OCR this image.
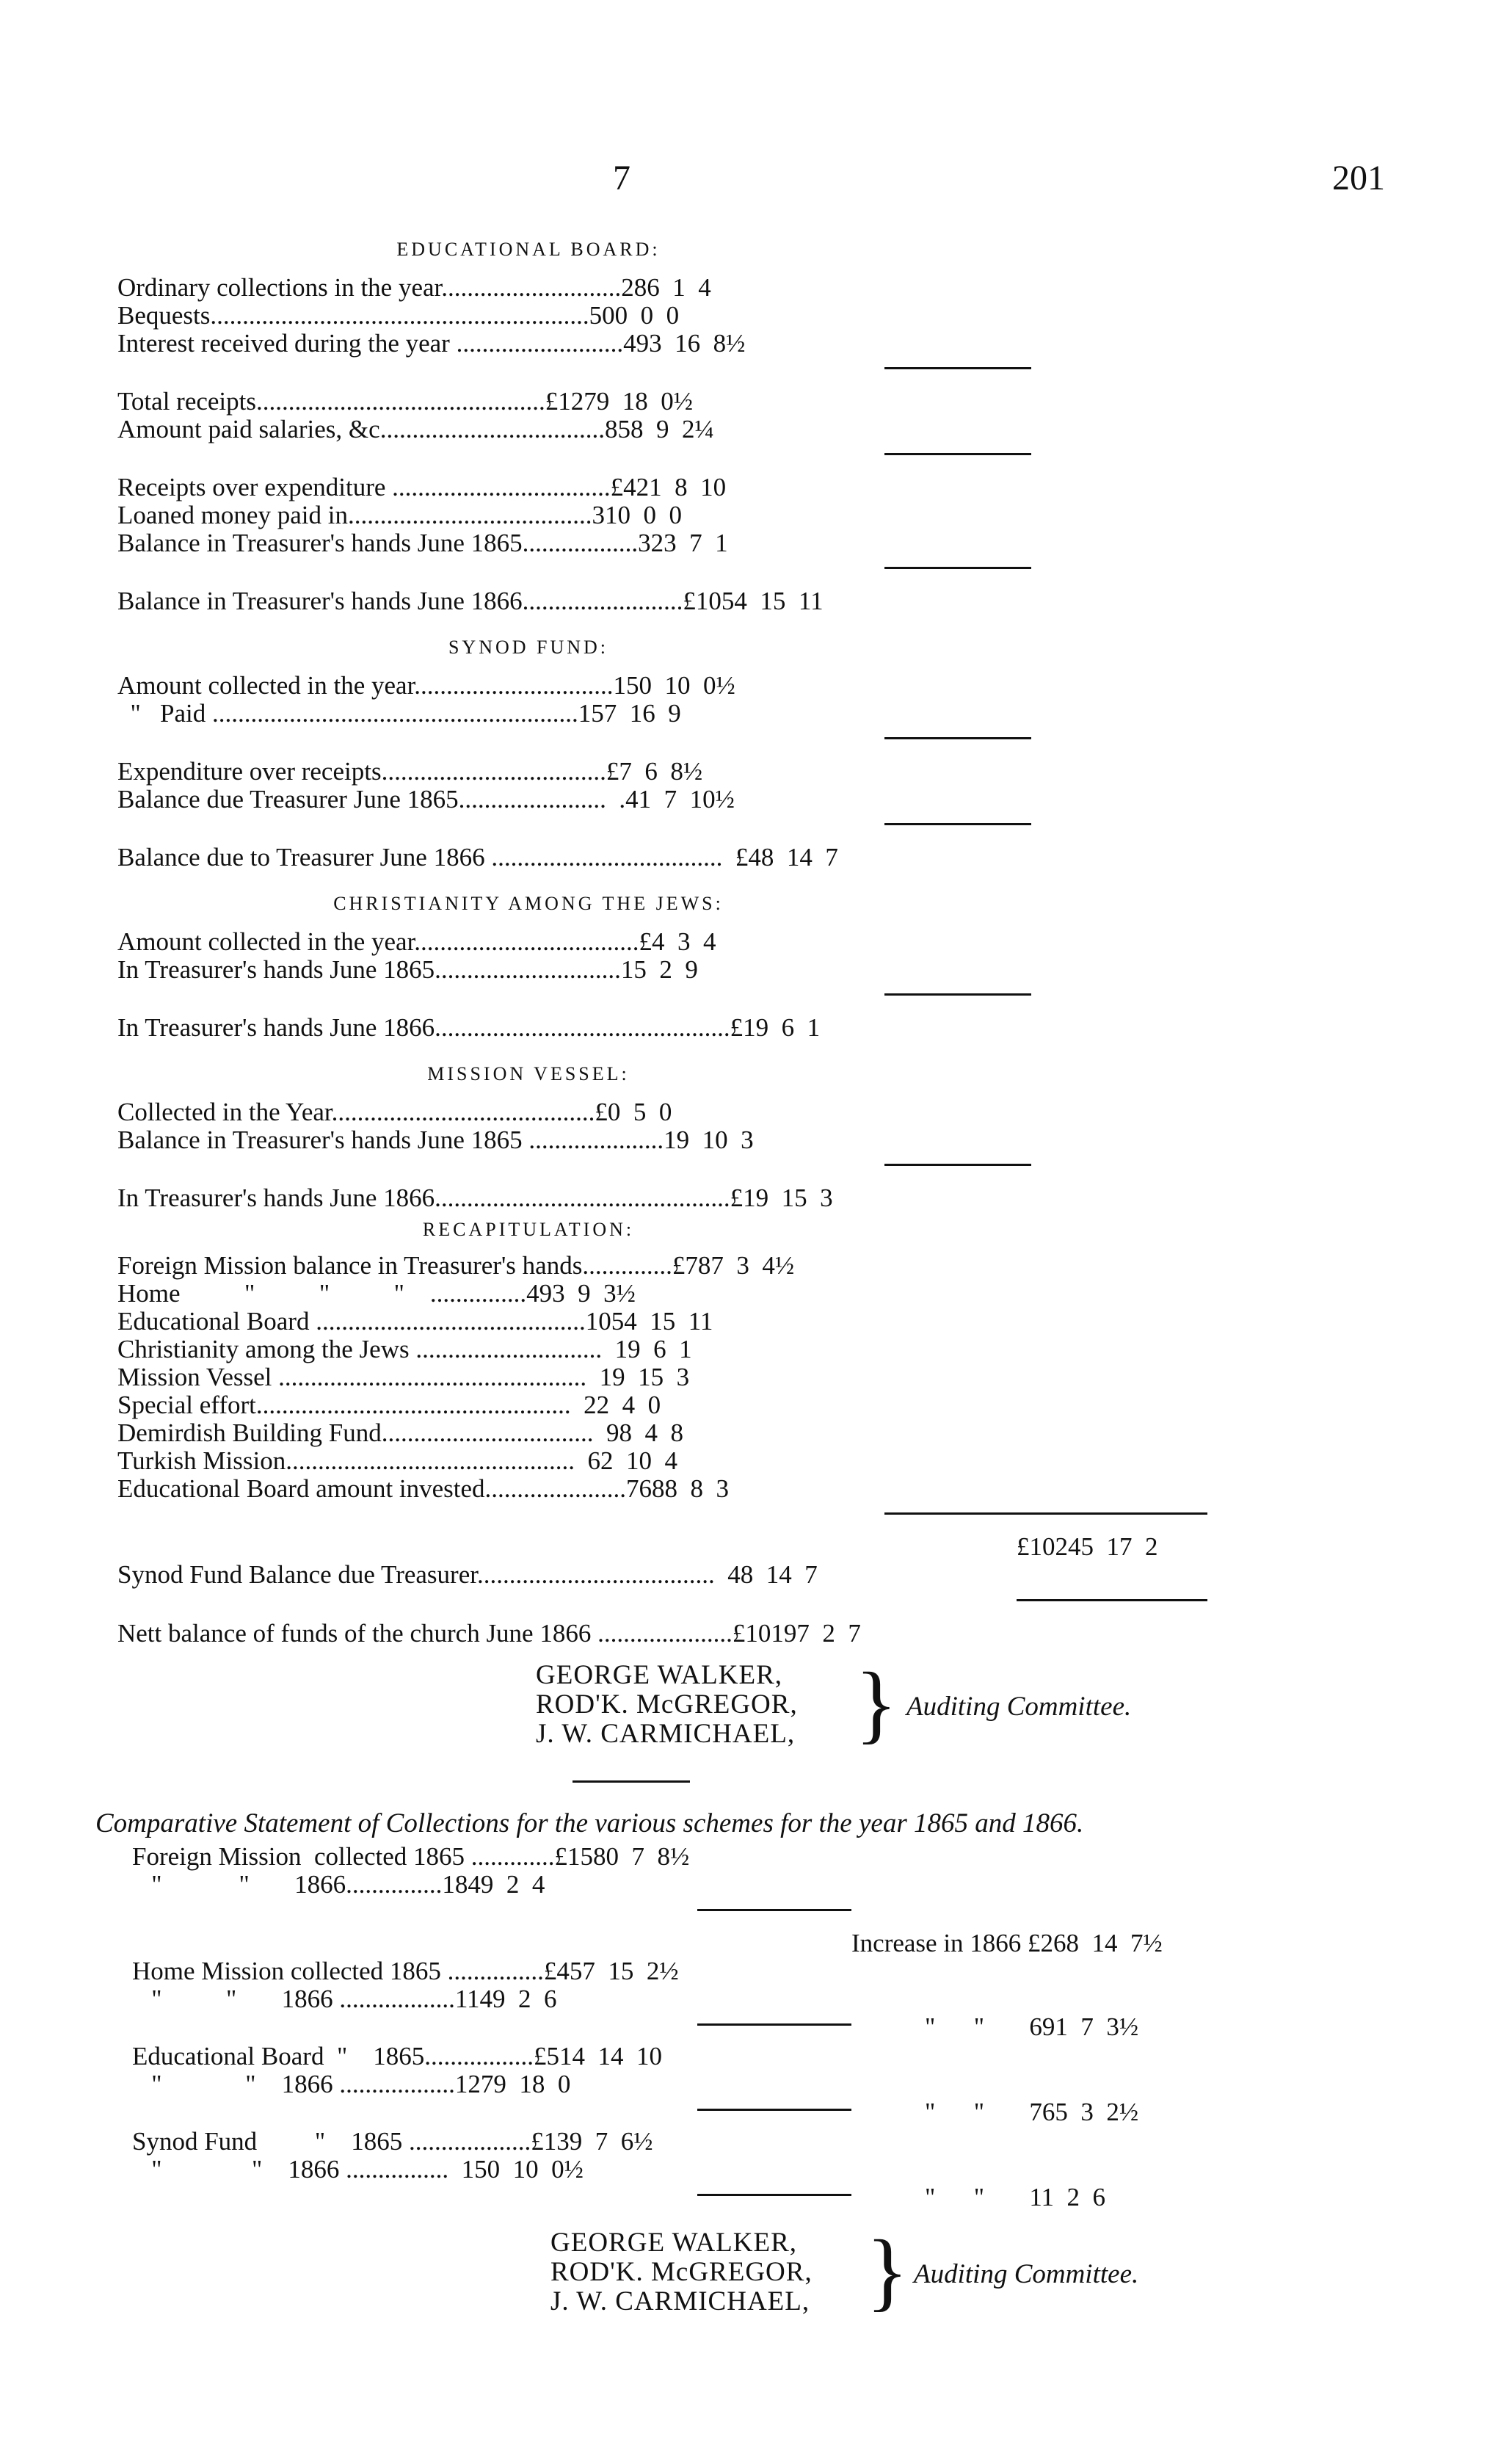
7	201
EDUCATIONAL BOARD:
Ordinary collections in the year............................286  1  4
Bequests...........................................................500  0  0
Interest received during the year ..........................493  16  8½
Total receipts.............................................£1279  18  0½
Amount paid salaries, &c...................................858  9  2¼
Receipts over expenditure ..................................£421  8  10
Loaned money paid in......................................310  0  0
Balance in Treasurer's hands June 1865..................323  7  1
Balance in Treasurer's hands June 1866.........................£1054  15  11
SYNOD FUND:
Amount collected in the year...............................150  10  0½
"   Paid .........................................................157  16  9
Expenditure over receipts...................................£7  6  8½
Balance due Treasurer June 1865.......................  .41  7  10½
Balance due to Treasurer June 1866 ....................................  £48  14  7
CHRISTIANITY AMONG THE JEWS:
Amount collected in the year...................................£4  3  4
In Treasurer's hands June 1865.............................15  2  9
In Treasurer's hands June 1866..............................................£19  6  1
MISSION VESSEL:
Collected in the Year.........................................£0  5  0
Balance in Treasurer's hands June 1865 .....................19  10  3
In Treasurer's hands June 1866..............................................£19  15  3
RECAPITULATION:
Foreign Mission balance in Treasurer's hands..............£787  3  4½
Home          "          "          "    ...............493  9  3½
Educational Board ..........................................1054  15  11
Christianity among the Jews .............................  19  6  1
Mission Vessel ................................................  19  15  3
Special effort.................................................  22  4  0
Demirdish Building Fund.................................  98  4  8
Turkish Mission.............................................  62  10  4
Educational Board amount invested......................7688  8  3
£10245  17  2
Synod Fund Balance due Treasurer.....................................  48  14  7
Nett balance of funds of the church June 1866 .....................£10197  2  7
GEORGE WALKER,
ROD'K. McGREGOR,
J. W. CARMICHAEL, } Auditing Committee.
Comparative Statement of Collections for the various schemes for the year 1865 and 1866.
Foreign Mission  collected 1865 .............£1580  7  8½
"            "       1866...............1849  2  4
Increase in 1866 £268  14  7½
Home Mission collected 1865 ...............£457  15  2½
"          "       1866 ..................1149  2  6
"      "       691  7  3½
Educational Board  "    1865.................£514  14  10
"             "    1866 ..................1279  18  0
"      "       765  3  2½
Synod Fund         "    1865 ...................£139  7  6½
"              "    1866 ................  150  10  0½
"      "       11  2  6
GEORGE WALKER,
ROD'K. McGREGOR,
J. W. CARMICHAEL, } Auditing Committee.
